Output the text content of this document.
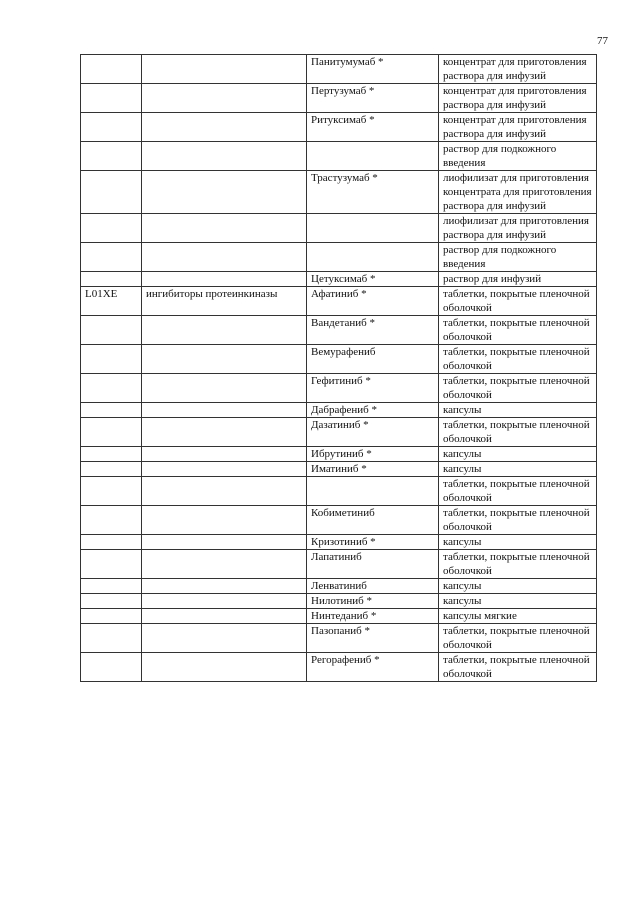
77
		Панитумумаб *	концентрат для приготовления раствора для инфузий
		Пертузумаб *	концентрат для приготовления раствора для инфузий
		Ритуксимаб *	концентрат для приготовления раствора для инфузий
			раствор для подкожного введения
		Трастузумаб *	лиофилизат для приготовления концентрата для приготовления раствора для инфузий
			лиофилизат для приготовления раствора для инфузий
			раствор для подкожного введения
		Цетуксимаб *	раствор для инфузий
L01XE	ингибиторы протеинкиназы	Афатиниб *	таблетки, покрытые пленочной оболочкой
		Вандетаниб *	таблетки, покрытые пленочной оболочкой
		Вемурафениб	таблетки, покрытые пленочной оболочкой
		Гефитиниб *	таблетки, покрытые пленочной оболочкой
		Дабрафениб *	капсулы
		Дазатиниб *	таблетки, покрытые пленочной оболочкой
		Ибрутиниб *	капсулы
		Иматиниб *	капсулы
			таблетки, покрытые пленочной оболочкой
		Кобиметиниб	таблетки, покрытые пленочной оболочкой
		Кризотиниб *	капсулы
		Лапатиниб	таблетки, покрытые пленочной оболочкой
		Ленватиниб	капсулы
		Нилотиниб *	капсулы
		Нинтеданиб *	капсулы мягкие
		Пазопаниб *	таблетки, покрытые пленочной оболочкой
		Регорафениб *	таблетки, покрытые пленочной оболочкой
